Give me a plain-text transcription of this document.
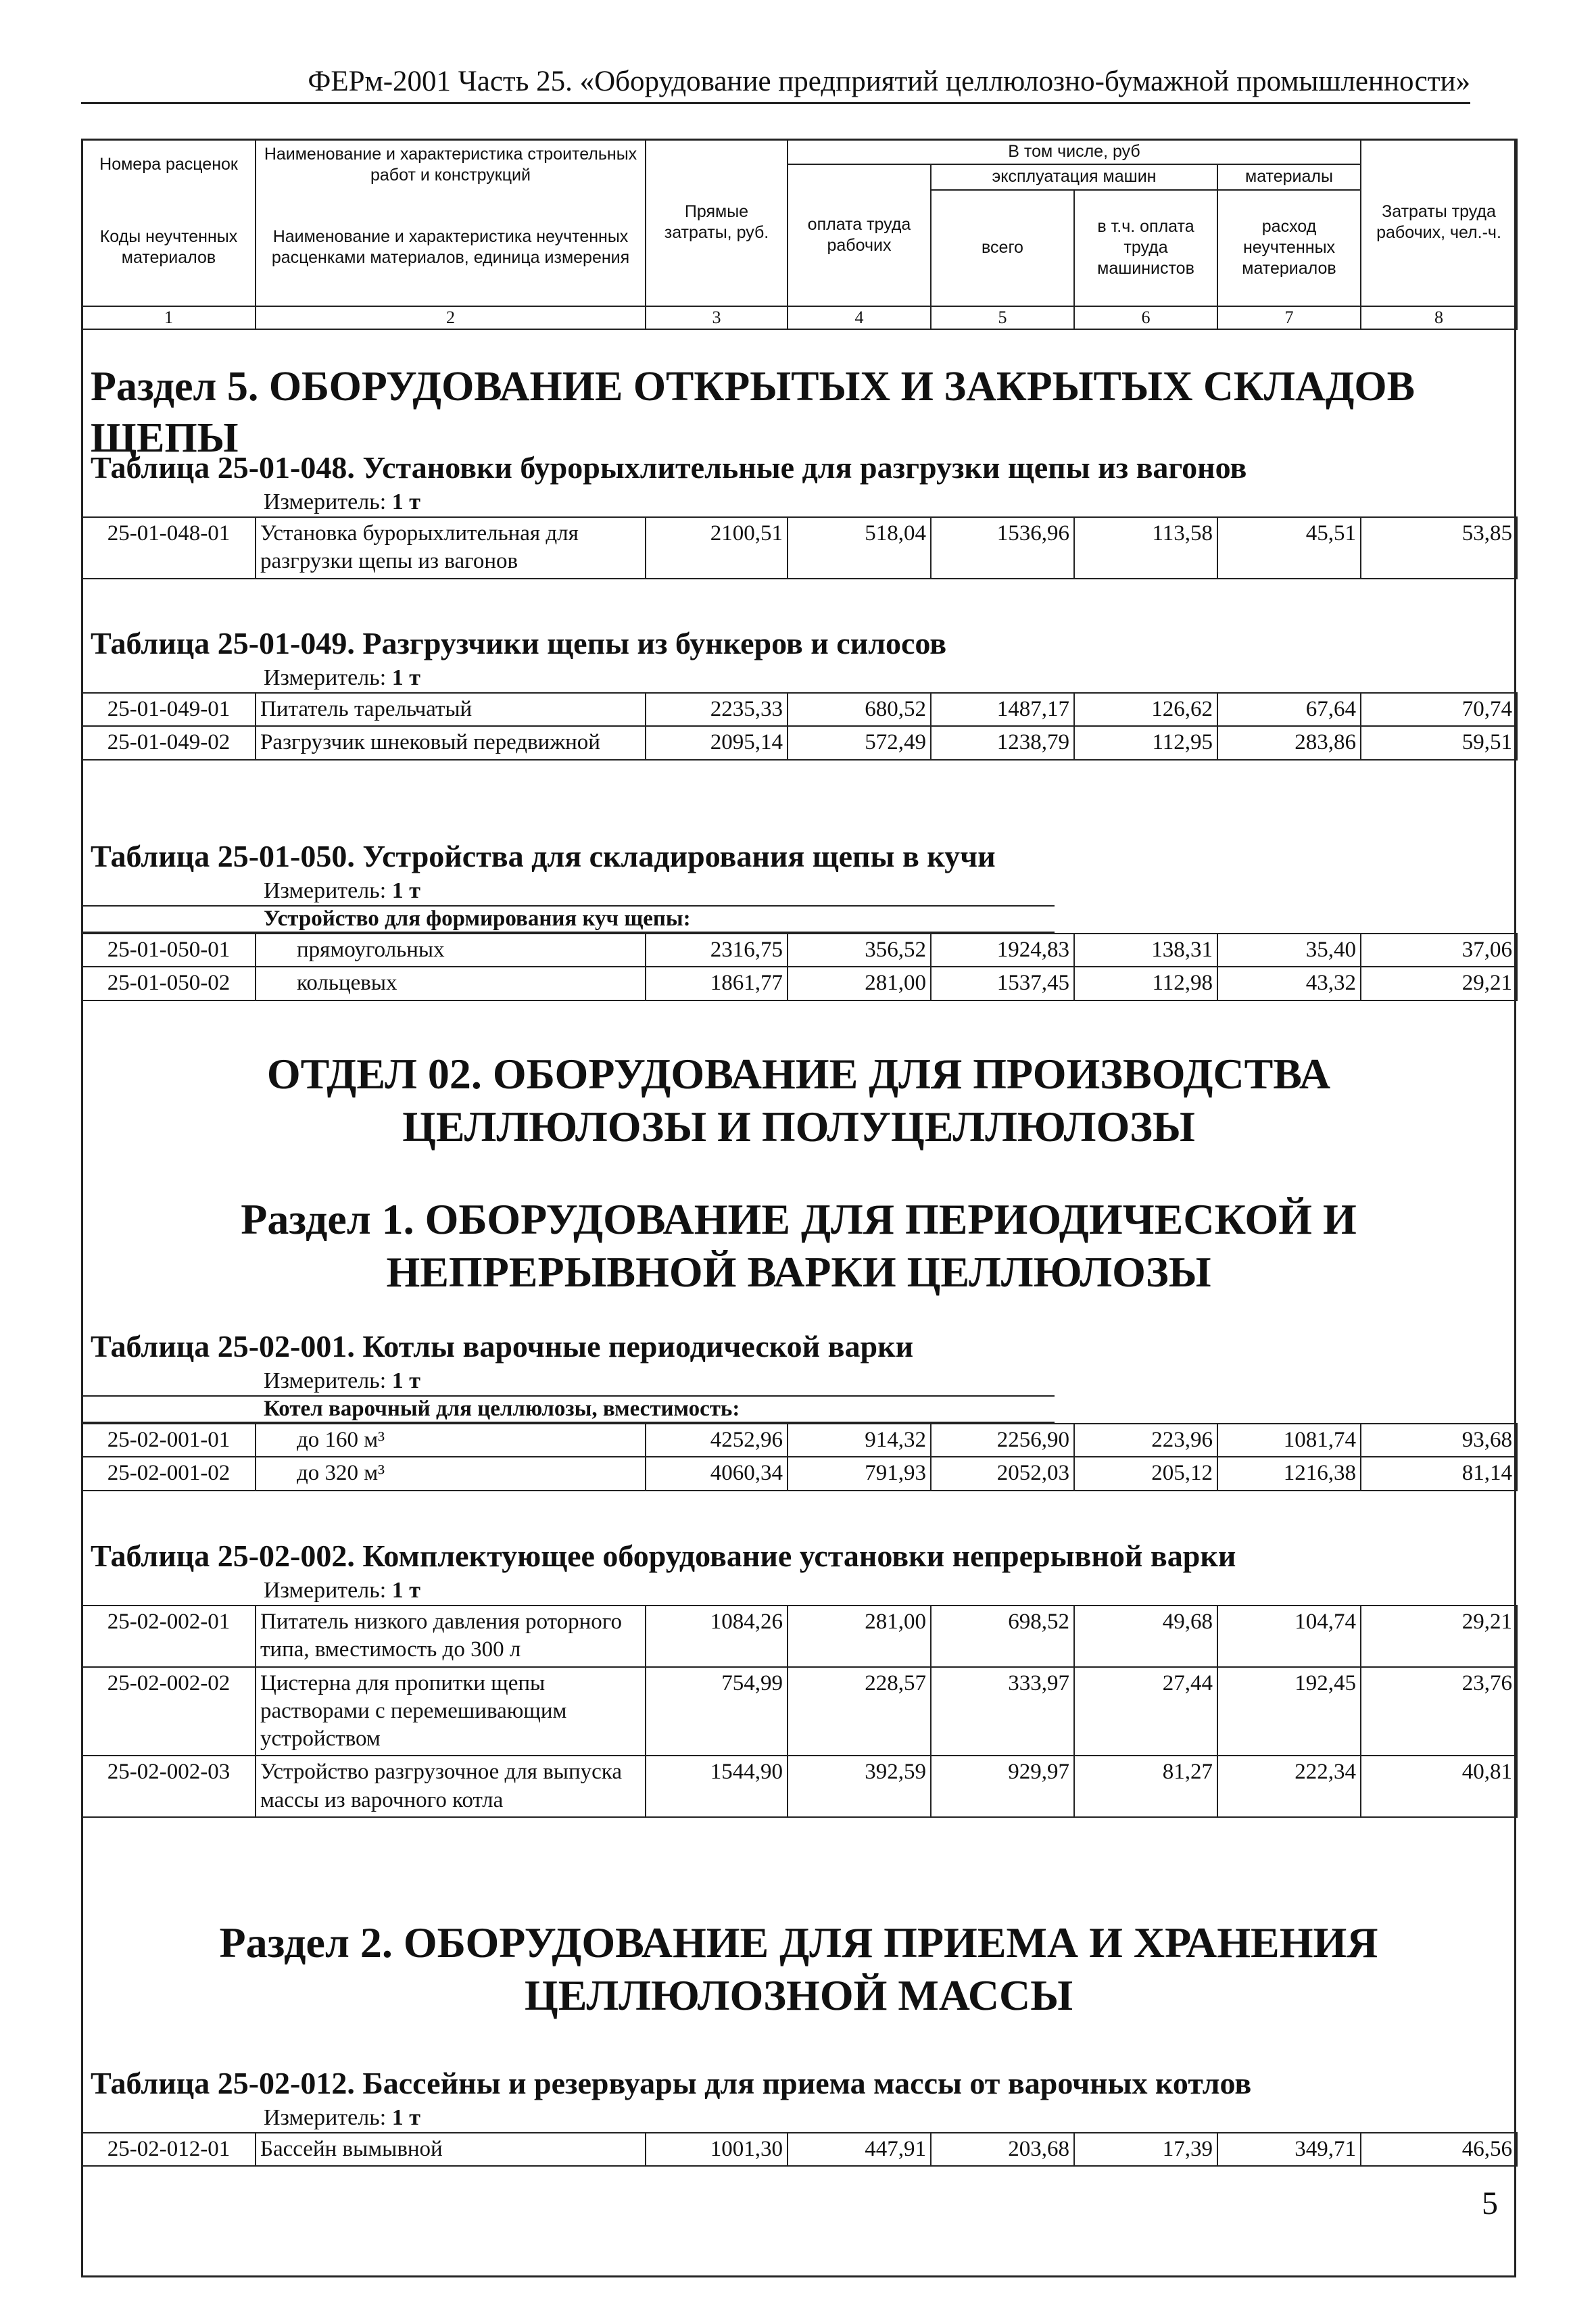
ФЕРм-2001 Часть 25. «Оборудование предприятий целлюлозно-бумажной промышленности»
Номера расценок	Наименование и характеристика строительных работ и конструкций	Прямые затраты, руб.	В том числе, руб				Затраты труда рабочих, чел.-ч.
			оплата труда рабочих	эксплуатация машин		материалы	
Коды неучтенных материалов	Наименование и характеристика неучтенных расценками материалов, единица измерения			всего	в т.ч. оплата труда машинистов	расход неучтенных материалов	

1	2	3	4	5	6	7	8
Раздел 5. ОБОРУДОВАНИЕ ОТКРЫТЫХ И ЗАКРЫТЫХ СКЛАДОВ ЩЕПЫ
Таблица 25-01-048. Установки бурорыхлительные для разгрузки щепы из вагонов
Измеритель: 1 т
25-01-048-01	Установка бурорыхлительная для разгрузки щепы из вагонов	2100,51	518,04	1536,96	113,58	45,51	53,85
Таблица 25-01-049. Разгрузчики щепы из бункеров и силосов
Измеритель: 1 т
25-01-049-01	Питатель тарельчатый	2235,33	680,52	1487,17	126,62	67,64	70,74
25-01-049-02	Разгрузчик шнековый передвижной	2095,14	572,49	1238,79	112,95	283,86	59,51
Таблица 25-01-050. Устройства для складирования щепы в кучи
Измеритель: 1 т
Устройство для формирования куч щепы:
25-01-050-01	прямоугольных	2316,75	356,52	1924,83	138,31	35,40	37,06
25-01-050-02	кольцевых	1861,77	281,00	1537,45	112,98	43,32	29,21
ОТДЕЛ 02. ОБОРУДОВАНИЕ ДЛЯ ПРОИЗВОДСТВА ЦЕЛЛЮЛОЗЫ И ПОЛУЦЕЛЛЮЛОЗЫ
Раздел 1. ОБОРУДОВАНИЕ ДЛЯ ПЕРИОДИЧЕСКОЙ И НЕПРЕРЫВНОЙ ВАРКИ ЦЕЛЛЮЛОЗЫ
Таблица 25-02-001. Котлы варочные периодической варки
Измеритель: 1 т
Котел варочный для целлюлозы, вместимость:
25-02-001-01	до 160 м³	4252,96	914,32	2256,90	223,96	1081,74	93,68
25-02-001-02	до 320 м³	4060,34	791,93	2052,03	205,12	1216,38	81,14
Таблица 25-02-002. Комплектующее оборудование установки непрерывной варки
Измеритель: 1 т
25-02-002-01	Питатель низкого давления роторного типа, вместимость до 300 л	1084,26	281,00	698,52	49,68	104,74	29,21
25-02-002-02	Цистерна для пропитки щепы растворами с перемешивающим устройством	754,99	228,57	333,97	27,44	192,45	23,76
25-02-002-03	Устройство разгрузочное для выпуска массы из варочного котла	1544,90	392,59	929,97	81,27	222,34	40,81
Раздел 2. ОБОРУДОВАНИЕ ДЛЯ ПРИЕМА И ХРАНЕНИЯ ЦЕЛЛЮЛОЗНОЙ МАССЫ
Таблица 25-02-012. Бассейны и резервуары для приема массы от варочных котлов
Измеритель: 1 т
25-02-012-01	Бассейн вымывной	1001,30	447,91	203,68	17,39	349,71	46,56
5
